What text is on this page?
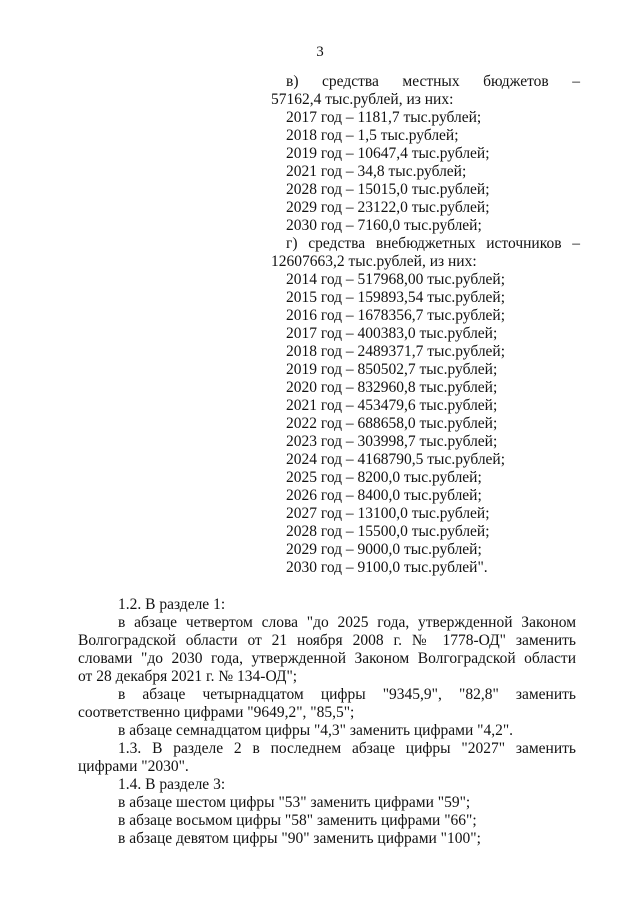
3
в) средства местных бюджетов –
57162,4 тыс.рублей, из них:
2017 год – 1181,7 тыс.рублей;
2018 год – 1,5 тыс.рублей;
2019 год – 10647,4 тыс.рублей;
2021 год – 34,8 тыс.рублей;
2028 год – 15015,0 тыс.рублей;
2029 год – 23122,0 тыс.рублей;
2030 год – 7160,0 тыс.рублей;
г) средства внебюджетных источников –
12607663,2 тыс.рублей, из них:
2014 год – 517968,00 тыс.рублей;
2015 год – 159893,54 тыс.рублей;
2016 год – 1678356,7 тыс.рублей;
2017 год – 400383,0 тыс.рублей;
2018 год – 2489371,7 тыс.рублей;
2019 год – 850502,7 тыс.рублей;
2020 год – 832960,8 тыс.рублей;
2021 год – 453479,6 тыс.рублей;
2022 год – 688658,0 тыс.рублей;
2023 год – 303998,7 тыс.рублей;
2024 год – 4168790,5 тыс.рублей;
2025 год – 8200,0 тыс.рублей;
2026 год – 8400,0 тыс.рублей;
2027 год – 13100,0 тыс.рублей;
2028 год – 15500,0 тыс.рублей;
2029 год – 9000,0 тыс.рублей;
2030 год – 9100,0 тыс.рублей".
1.2. В разделе 1:
в абзаце четвертом слова "до 2025 года, утвержденной Законом
Волгоградской области от 21 ноября 2008 г. № 1778-ОД" заменить
словами "до 2030 года, утвержденной Законом Волгоградской области
от 28 декабря 2021 г. № 134-ОД";
в абзаце четырнадцатом цифры "9345,9", "82,8" заменить
соответственно цифрами "9649,2", "85,5";
в абзаце семнадцатом цифры "4,3" заменить цифрами "4,2".
1.3. В разделе 2 в последнем абзаце цифры "2027" заменить
цифрами "2030".
1.4. В разделе 3:
в абзаце шестом цифры "53" заменить цифрами "59";
в абзаце восьмом цифры "58" заменить цифрами "66";
в абзаце девятом цифры "90" заменить цифрами "100";
